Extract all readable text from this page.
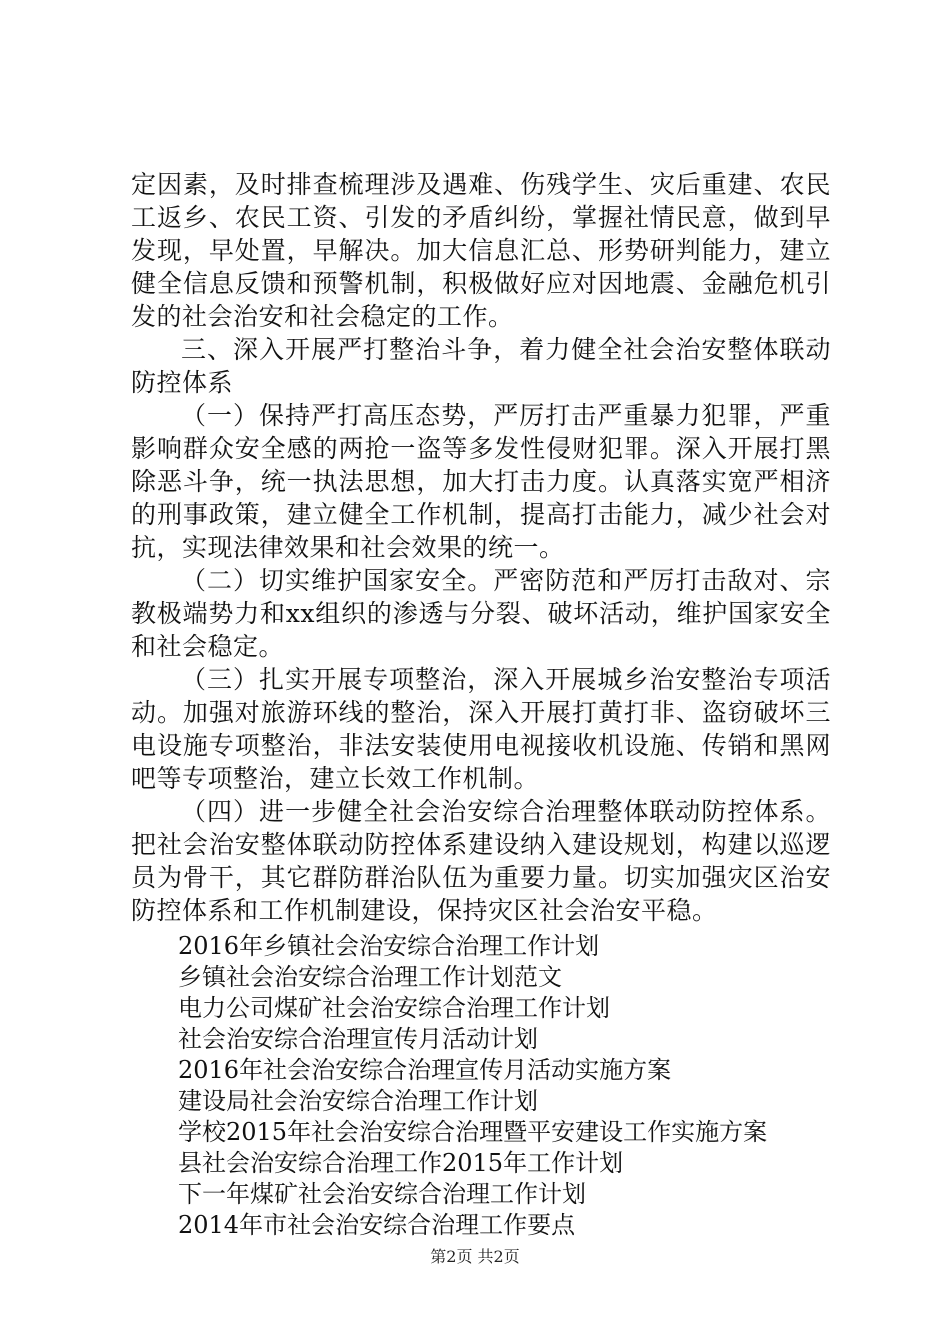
定因素，及时排查梳理涉及遇难、伤残学生、灾后重建、农民工返乡、农民工资、引发的矛盾纠纷，掌握社情民意，做到早发现，早处置，早解决。加大信息汇总、形势研判能力，建立健全信息反馈和预警机制，积极做好应对因地震、金融危机引发的社会治安和社会稳定的工作。

三、深入开展严打整治斗争，着力健全社会治安整体联动防控体系

（一）保持严打高压态势，严厉打击严重暴力犯罪，严重影响群众安全感的两抢一盗等多发性侵财犯罪。深入开展打黑除恶斗争，统一执法思想，加大打击力度。认真落实宽严相济的刑事政策，建立健全工作机制，提高打击能力，减少社会对抗，实现法律效果和社会效果的统一。

（二）切实维护国家安全。严密防范和严厉打击敌对、宗教极端势力和xx组织的渗透与分裂、破坏活动，维护国家安全和社会稳定。

（三）扎实开展专项整治，深入开展城乡治安整治专项活动。加强对旅游环线的整治，深入开展打黄打非、盗窃破坏三电设施专项整治，非法安装使用电视接收机设施、传销和黑网吧等专项整治，建立长效工作机制。

（四）进一步健全社会治安综合治理整体联动防控体系。把社会治安整体联动防控体系建设纳入建设规划，构建以巡逻员为骨干，其它群防群治队伍为重要力量。切实加强灾区治安防控体系和工作机制建设，保持灾区社会治安平稳。

2016年乡镇社会治安综合治理工作计划
乡镇社会治安综合治理工作计划范文
电力公司煤矿社会治安综合治理工作计划
社会治安综合治理宣传月活动计划
2016年社会治安综合治理宣传月活动实施方案
建设局社会治安综合治理工作计划
学校2015年社会治安综合治理暨平安建设工作实施方案
县社会治安综合治理工作2015年工作计划
下一年煤矿社会治安综合治理工作计划
2014年市社会治安综合治理工作要点
第2页 共2页
